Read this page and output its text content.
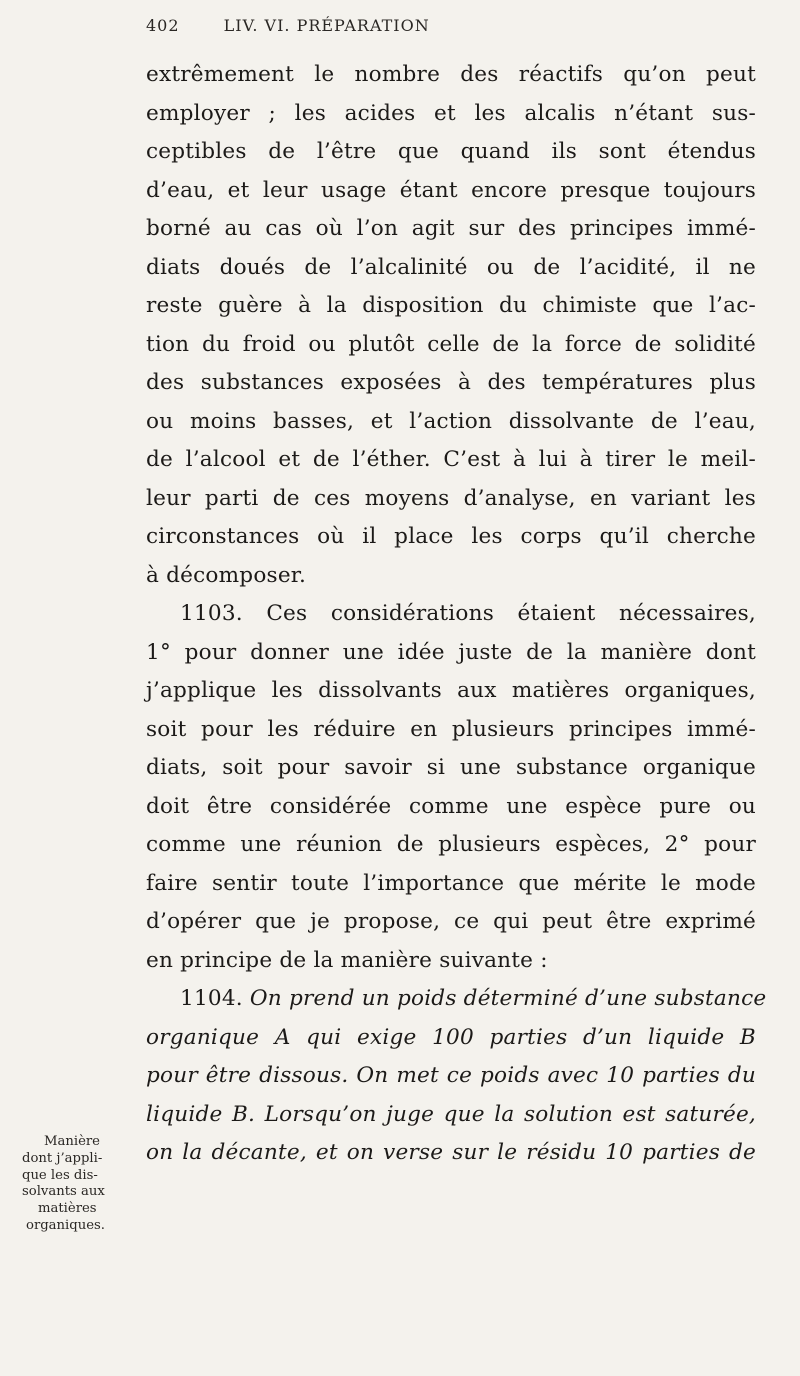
402	LIV. VI. PRÉPARATION
extrêmement le nombre des réactifs qu’on peut
employer ; les acides et les alcalis n’étant sus-
ceptibles de l’être que quand ils sont étendus
d’eau, et leur usage étant encore presque toujours
borné au cas où l’on agit sur des principes immé-
diats doués de l’alcalinité ou de l’acidité, il ne
reste guère à la disposition du chimiste que l’ac-
tion du froid ou plutôt celle de la force de solidité
des substances exposées à des températures plus
ou moins basses, et l’action dissolvante de l’eau,
de l’alcool et de l’éther. C’est à lui à tirer le meil-
leur parti de ces moyens d’analyse, en variant les
circonstances où il place les corps qu’il cherche
à décomposer.
1103. Ces considérations étaient nécessaires,
1° pour donner une idée juste de la manière dont
j’applique les dissolvants aux matières organiques,
soit pour les réduire en plusieurs principes immé-
diats, soit pour savoir si une substance organique
doit être considérée comme une espèce pure ou
comme une réunion de plusieurs espèces, 2° pour
faire sentir toute l’importance que mérite le mode
d’opérer que je propose, ce qui peut être exprimé
en principe de la manière suivante :
1104. On prend un poids déterminé d’une substance
organique A qui exige 100 parties d’un liquide B
pour être dissous. On met ce poids avec 10 parties du
liquide B. Lorsqu’on juge que la solution est saturée,
on la décante, et on verse sur le résidu 10 parties de
Manière
dont j’appli-
que les dis-
solvants aux
matières
organiques.
